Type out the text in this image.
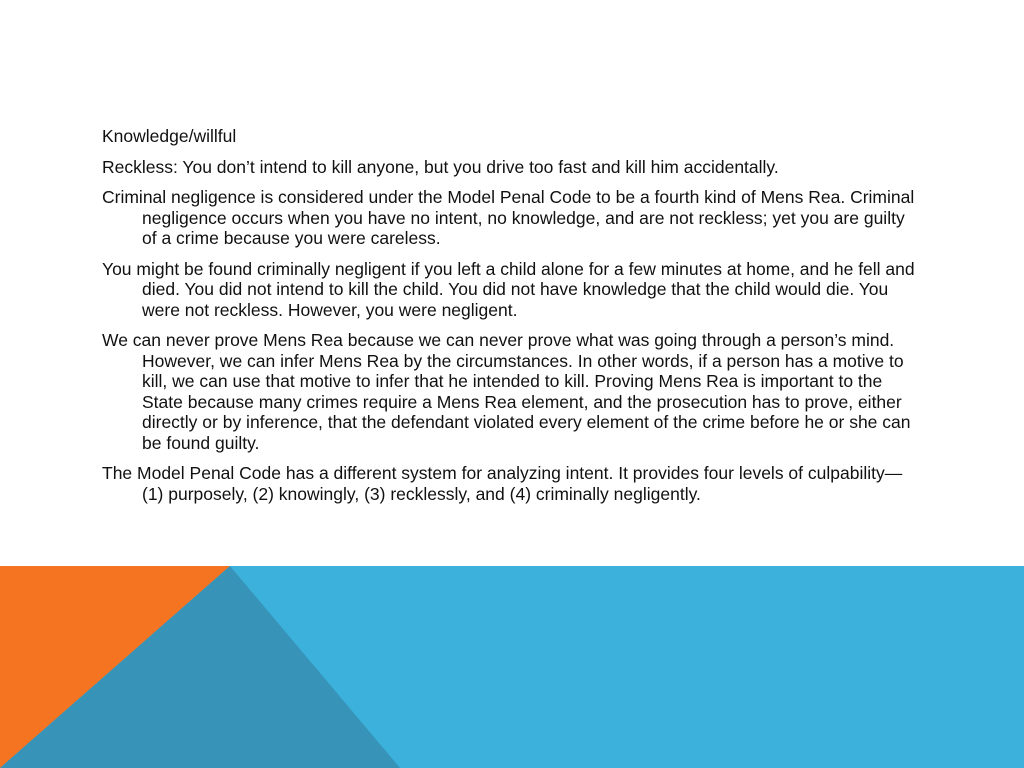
Knowledge/willful

Reckless: You don’t intend to kill anyone, but you drive too fast and kill him accidentally.

Criminal negligence is considered under the Model Penal Code to be a fourth kind of Mens Rea. Criminal negligence occurs when you have no intent, no knowledge, and are not reckless; yet you are guilty of a crime because you were careless.

You might be found criminally negligent if you left a child alone for a few minutes at home, and he fell and died. You did not intend to kill the child. You did not have knowledge that the child would die. You were not reckless. However, you were negligent.

We can never prove Mens Rea because we can never prove what was going through a person’s mind. However, we can infer Mens Rea by the circumstances. In other words, if a person has a motive to kill, we can use that motive to infer that he intended to kill. Proving Mens Rea is important to the State because many crimes require a Mens Rea element, and the prosecution has to prove, either directly or by inference, that the defendant violated every element of the crime before he or she can be found guilty.

The Model Penal Code has a different system for analyzing intent. It provides four levels of culpability—(1) purposely, (2) knowingly, (3) recklessly, and (4) criminally negligently.
